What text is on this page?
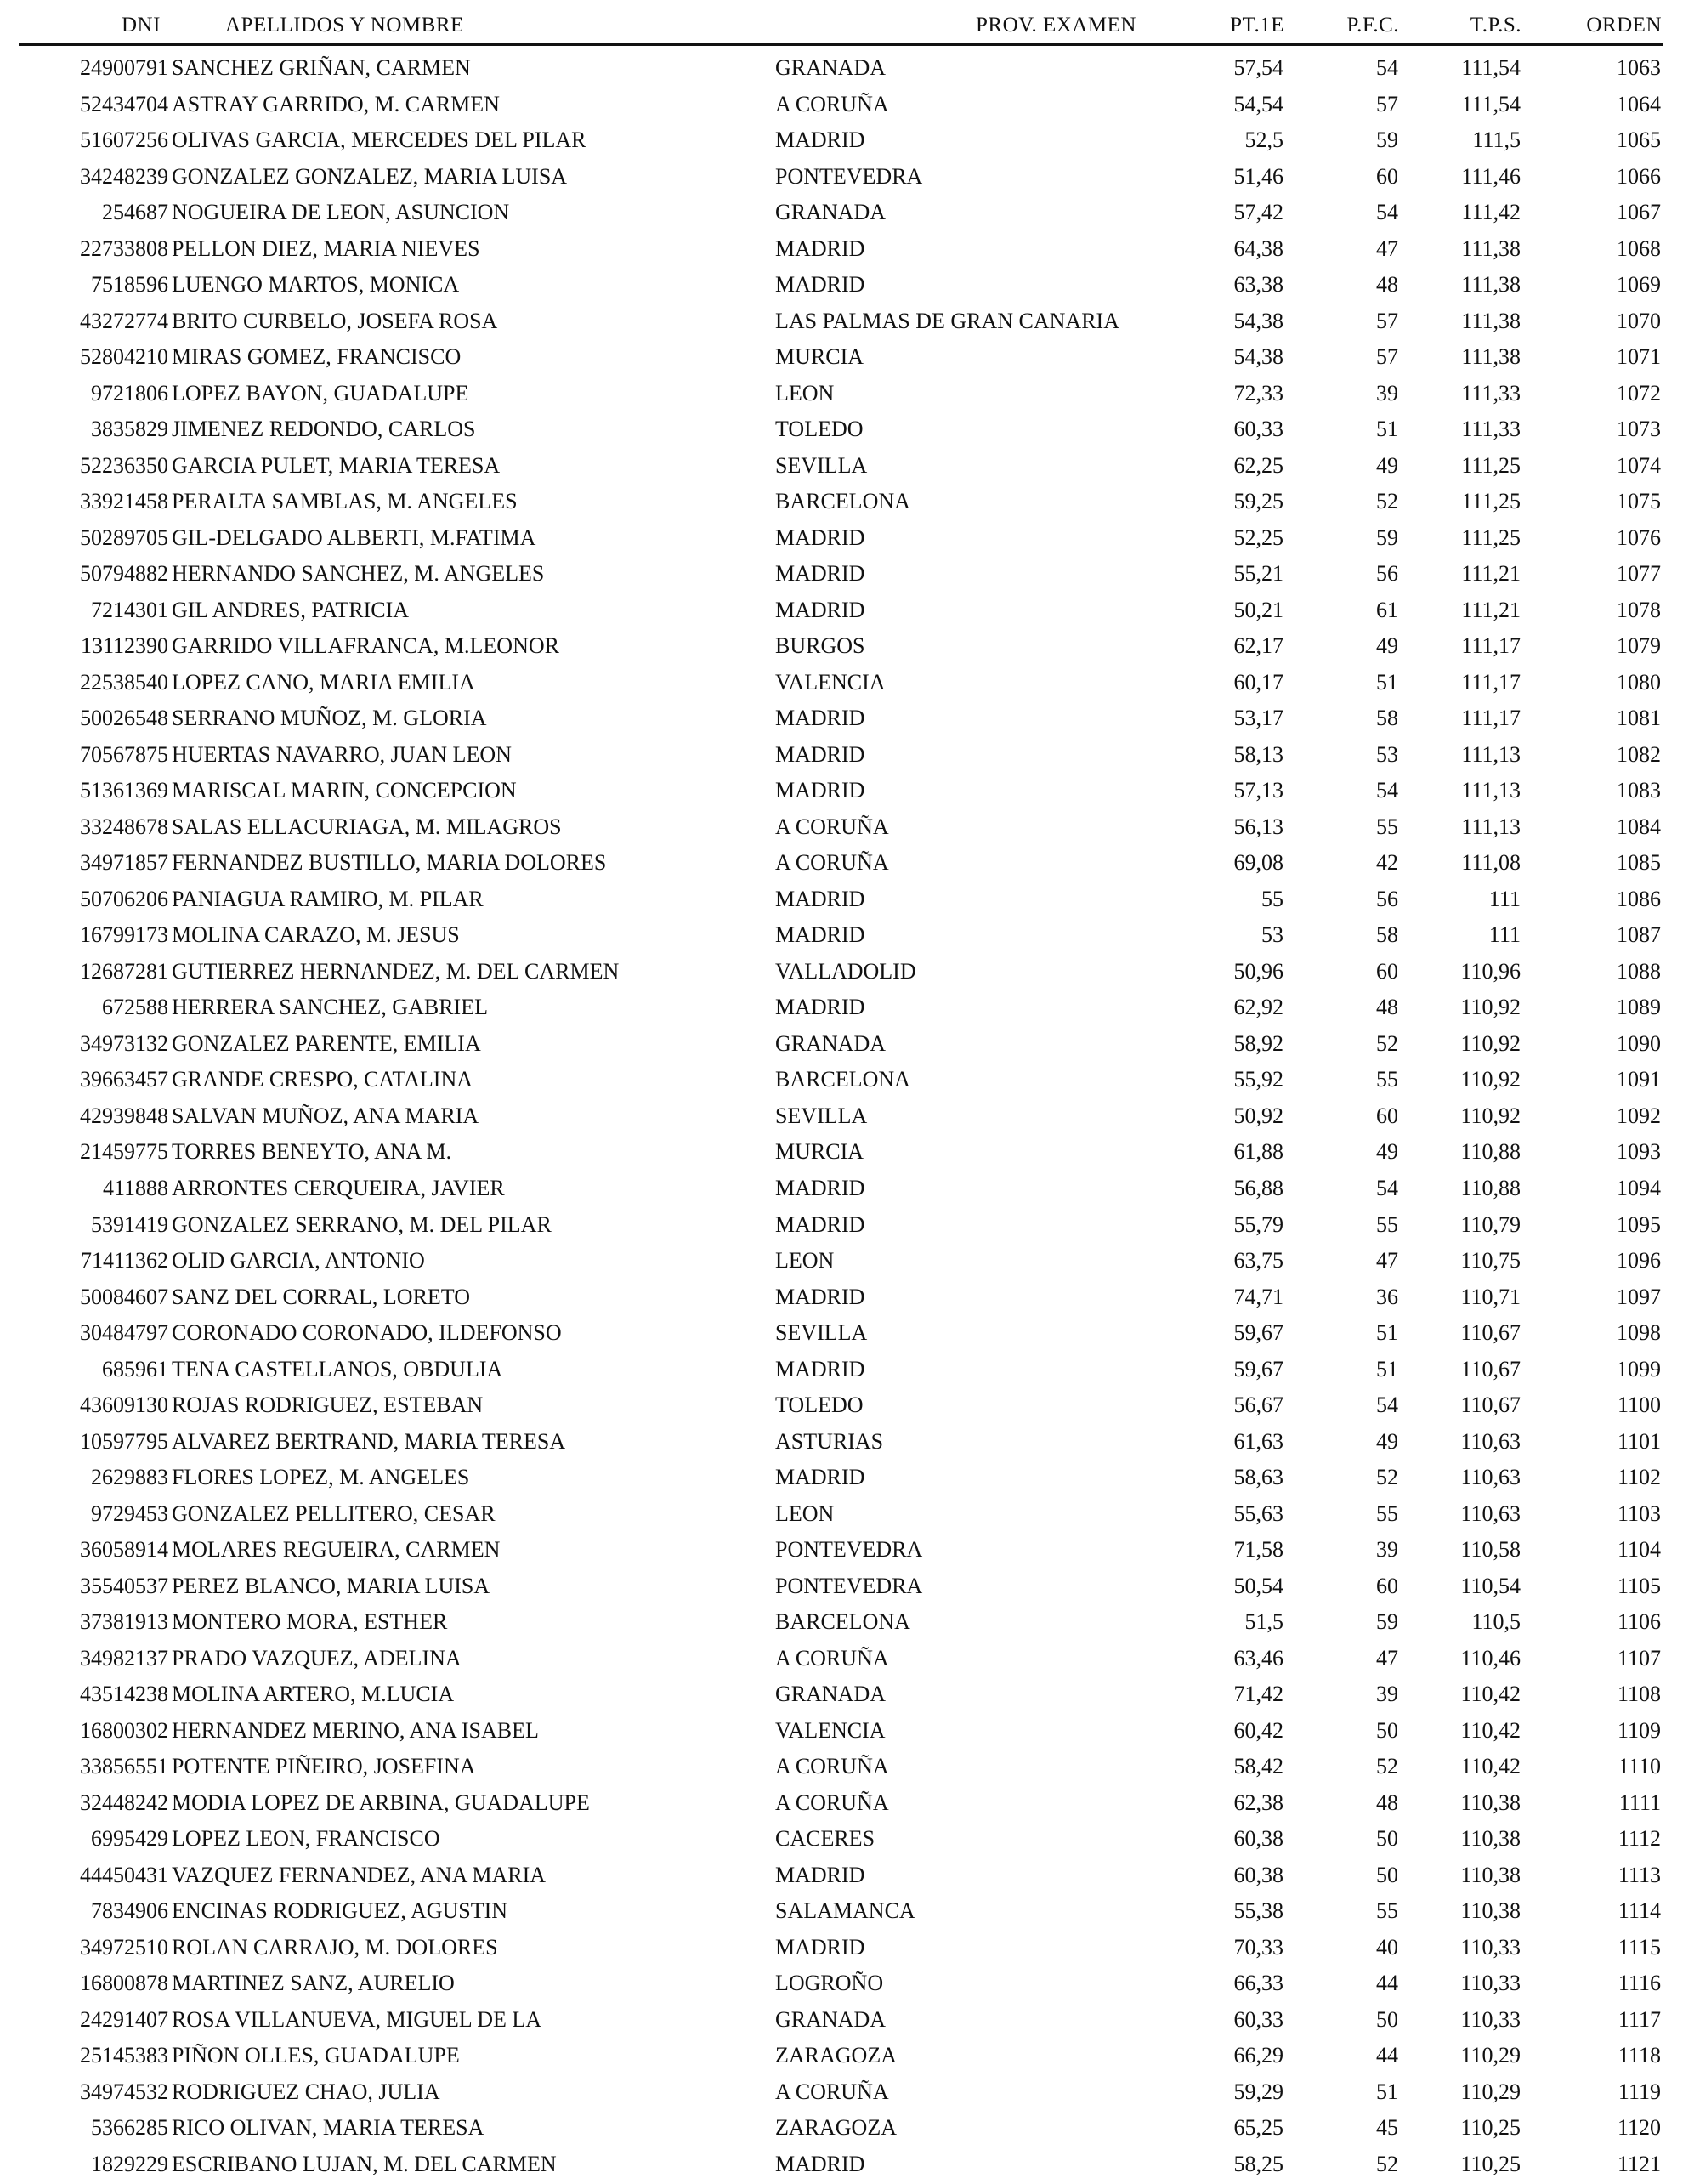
DNI	APELLIDOS Y NOMBRE	PROV. EXAMEN	PT.1E	P.F.C.	T.P.S.	ORDEN
24900791 SANCHEZ GRIÑAN, CARMEN	GRANADA	57,54	54	111,54	1063
52434704 ASTRAY GARRIDO, M. CARMEN	A CORUÑA	54,54	57	111,54	1064
51607256 OLIVAS GARCIA, MERCEDES DEL PILAR	MADRID	52,5	59	111,5	1065
34248239 GONZALEZ GONZALEZ, MARIA LUISA	PONTEVEDRA	51,46	60	111,46	1066
254687 NOGUEIRA DE LEON, ASUNCION	GRANADA	57,42	54	111,42	1067
22733808 PELLON DIEZ, MARIA NIEVES	MADRID	64,38	47	111,38	1068
7518596 LUENGO MARTOS, MONICA	MADRID	63,38	48	111,38	1069
43272774 BRITO CURBELO, JOSEFA ROSA	LAS PALMAS DE GRAN CANARIA	54,38	57	111,38	1070
52804210 MIRAS GOMEZ, FRANCISCO	MURCIA	54,38	57	111,38	1071
9721806 LOPEZ BAYON, GUADALUPE	LEON	72,33	39	111,33	1072
3835829 JIMENEZ REDONDO, CARLOS	TOLEDO	60,33	51	111,33	1073
52236350 GARCIA PULET, MARIA TERESA	SEVILLA	62,25	49	111,25	1074
33921458 PERALTA SAMBLAS, M. ANGELES	BARCELONA	59,25	52	111,25	1075
50289705 GIL-DELGADO ALBERTI, M.FATIMA	MADRID	52,25	59	111,25	1076
50794882 HERNANDO SANCHEZ, M. ANGELES	MADRID	55,21	56	111,21	1077
7214301 GIL ANDRES, PATRICIA	MADRID	50,21	61	111,21	1078
13112390 GARRIDO VILLAFRANCA, M.LEONOR	BURGOS	62,17	49	111,17	1079
22538540 LOPEZ CANO, MARIA EMILIA	VALENCIA	60,17	51	111,17	1080
50026548 SERRANO MUÑOZ, M. GLORIA	MADRID	53,17	58	111,17	1081
70567875 HUERTAS NAVARRO, JUAN LEON	MADRID	58,13	53	111,13	1082
51361369 MARISCAL MARIN, CONCEPCION	MADRID	57,13	54	111,13	1083
33248678 SALAS ELLACURIAGA, M. MILAGROS	A CORUÑA	56,13	55	111,13	1084
34971857 FERNANDEZ BUSTILLO, MARIA DOLORES	A CORUÑA	69,08	42	111,08	1085
50706206 PANIAGUA RAMIRO, M. PILAR	MADRID	55	56	111	1086
16799173 MOLINA CARAZO, M. JESUS	MADRID	53	58	111	1087
12687281 GUTIERREZ HERNANDEZ, M. DEL CARMEN	VALLADOLID	50,96	60	110,96	1088
672588 HERRERA SANCHEZ, GABRIEL	MADRID	62,92	48	110,92	1089
34973132 GONZALEZ PARENTE, EMILIA	GRANADA	58,92	52	110,92	1090
39663457 GRANDE CRESPO, CATALINA	BARCELONA	55,92	55	110,92	1091
42939848 SALVAN MUÑOZ, ANA MARIA	SEVILLA	50,92	60	110,92	1092
21459775 TORRES BENEYTO, ANA M.	MURCIA	61,88	49	110,88	1093
411888 ARRONTES CERQUEIRA, JAVIER	MADRID	56,88	54	110,88	1094
5391419 GONZALEZ SERRANO, M. DEL PILAR	MADRID	55,79	55	110,79	1095
71411362 OLID GARCIA, ANTONIO	LEON	63,75	47	110,75	1096
50084607 SANZ DEL CORRAL, LORETO	MADRID	74,71	36	110,71	1097
30484797 CORONADO CORONADO, ILDEFONSO	SEVILLA	59,67	51	110,67	1098
685961 TENA CASTELLANOS, OBDULIA	MADRID	59,67	51	110,67	1099
43609130 ROJAS RODRIGUEZ, ESTEBAN	TOLEDO	56,67	54	110,67	1100
10597795 ALVAREZ BERTRAND, MARIA TERESA	ASTURIAS	61,63	49	110,63	1101
2629883 FLORES LOPEZ, M. ANGELES	MADRID	58,63	52	110,63	1102
9729453 GONZALEZ PELLITERO, CESAR	LEON	55,63	55	110,63	1103
36058914 MOLARES REGUEIRA, CARMEN	PONTEVEDRA	71,58	39	110,58	1104
35540537 PEREZ BLANCO, MARIA LUISA	PONTEVEDRA	50,54	60	110,54	1105
37381913 MONTERO MORA, ESTHER	BARCELONA	51,5	59	110,5	1106
34982137 PRADO VAZQUEZ, ADELINA	A CORUÑA	63,46	47	110,46	1107
43514238 MOLINA ARTERO, M.LUCIA	GRANADA	71,42	39	110,42	1108
16800302 HERNANDEZ MERINO, ANA ISABEL	VALENCIA	60,42	50	110,42	1109
33856551 POTENTE PIÑEIRO, JOSEFINA	A CORUÑA	58,42	52	110,42	1110
32448242 MODIA LOPEZ DE ARBINA, GUADALUPE	A CORUÑA	62,38	48	110,38	1111
6995429 LOPEZ LEON, FRANCISCO	CACERES	60,38	50	110,38	1112
44450431 VAZQUEZ FERNANDEZ, ANA MARIA	MADRID	60,38	50	110,38	1113
7834906 ENCINAS RODRIGUEZ, AGUSTIN	SALAMANCA	55,38	55	110,38	1114
34972510 ROLAN CARRAJO, M. DOLORES	MADRID	70,33	40	110,33	1115
16800878 MARTINEZ SANZ, AURELIO	LOGROÑO	66,33	44	110,33	1116
24291407 ROSA VILLANUEVA, MIGUEL DE LA	GRANADA	60,33	50	110,33	1117
25145383 PIÑON OLLES, GUADALUPE	ZARAGOZA	66,29	44	110,29	1118
34974532 RODRIGUEZ CHAO, JULIA	A CORUÑA	59,29	51	110,29	1119
5366285 RICO OLIVAN, MARIA TERESA	ZARAGOZA	65,25	45	110,25	1120
1829229 ESCRIBANO LUJAN, M. DEL CARMEN	MADRID	58,25	52	110,25	1121
